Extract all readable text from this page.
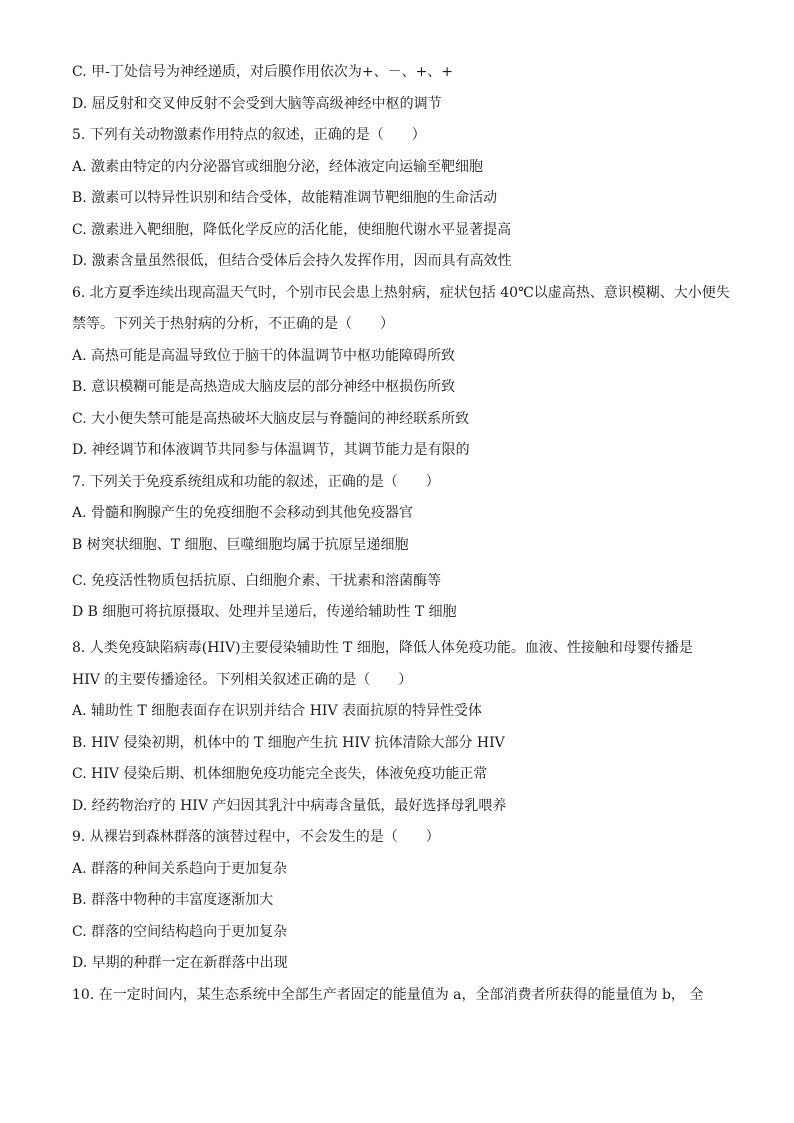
C. 甲-丁处信号为神经递质，对后膜作用依次为+、－、+、+
D. 屈反射和交叉伸反射不会受到大脑等高级神经中枢的调节
5. 下列有关动物激素作用特点的叙述，正确的是（　　）
A. 激素由特定的内分泌器官或细胞分泌，经体液定向运输至靶细胞
B. 激素可以特异性识别和结合受体，故能精准调节靶细胞的生命活动
C. 激素进入靶细胞，降低化学反应的活化能，使细胞代谢水平显著提高
D. 激素含量虽然很低，但结合受体后会持久发挥作用，因而具有高效性
6. 北方夏季连续出现高温天气时，个别市民会患上热射病，症状包括 40℃以虚高热、意识模糊、大小便失
禁等。下列关于热射病的分析，不正确的是（　　）
A. 高热可能是高温导致位于脑干的体温调节中枢功能障碍所致
B. 意识模糊可能是高热造成大脑皮层的部分神经中枢损伤所致
C. 大小便失禁可能是高热破坏大脑皮层与脊髓间的神经联系所致
D. 神经调节和体液调节共同参与体温调节，其调节能力是有限的
7. 下列关于免疫系统组成和功能的叙述，正确的是（　　）
A. 骨髓和胸腺产生的免疫细胞不会移动到其他免疫器官
B 树突状细胞、T 细胞、巨噬细胞均属于抗原呈递细胞
C. 免疫活性物质包括抗原、白细胞介素、干扰素和溶菌酶等
D B 细胞可将抗原摄取、处理并呈递后，传递给辅助性 T 细胞
8. 人类免疫缺陷病毒(HIV)主要侵染辅助性 T 细胞，降低人体免疫功能。血液、性接触和母婴传播是
HIV 的主要传播途径。下列相关叙述正确的是（　　）
A. 辅助性 T 细胞表面存在识别并结合 HIV 表面抗原的特异性受体
B. HIV 侵染初期，机体中的 T 细胞产生抗 HIV 抗体清除大部分 HIV
C. HIV 侵染后期、机体细胞免疫功能完全丧失，体液免疫功能正常
D. 经药物治疗的 HIV 产妇因其乳汁中病毒含量低，最好选择母乳喂养
9. 从裸岩到森林群落的演替过程中，不会发生的是（　　）
A. 群落的种间关系趋向于更加复杂
B. 群落中物种的丰富度逐渐加大
C. 群落的空间结构趋向于更加复杂
D. 早期的种群一定在新群落中出现
10. 在一定时间内，某生态系统中全部生产者固定的能量值为 a，全部消费者所获得的能量值为 b， 全
